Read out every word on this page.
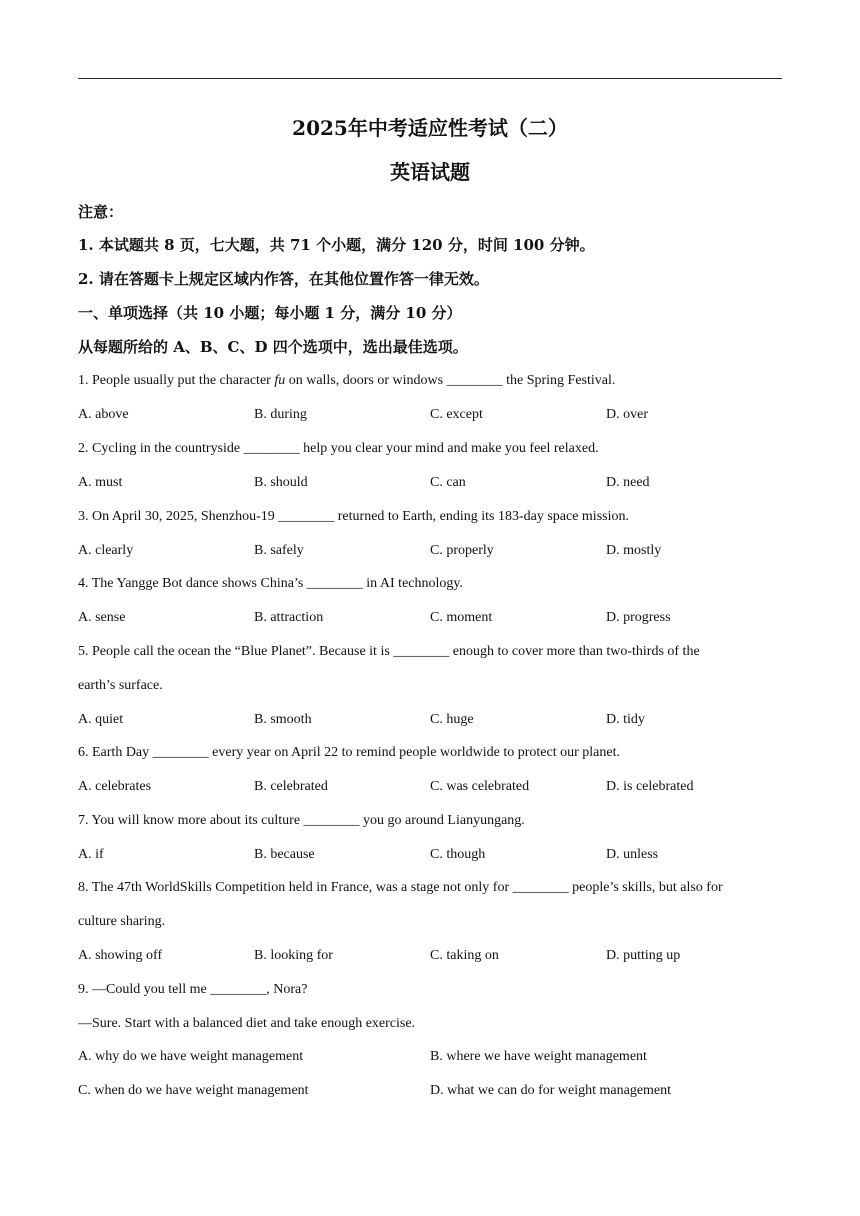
2025年中考适应性考试（二）
英语试题
注意：
1. 本试题共 8 页，七大题，共 71 个小题，满分 120 分，时间 100 分钟。
2. 请在答题卡上规定区域内作答，在其他位置作答一律无效。
一、单项选择（共 10 小题；每小题 1 分，满分 10 分）
从每题所给的 A、B、C、D 四个选项中，选出最佳选项。
1. People usually put the character fu on walls, doors or windows ________ the Spring Festival.
A. above	B. during	C. except	D. over
2. Cycling in the countryside ________ help you clear your mind and make you feel relaxed.
A. must	B. should	C. can	D. need
3. On April 30, 2025, Shenzhou-19 ________ returned to Earth, ending its 183-day space mission.
A. clearly	B. safely	C. properly	D. mostly
4. The Yangge Bot dance shows China’s ________ in AI technology.
A. sense	B. attraction	C. moment	D. progress
5. People call the ocean the “Blue Planet”. Because it is ________ enough to cover more than two-thirds of the
earth’s surface.
A. quiet	B. smooth	C. huge	D. tidy
6. Earth Day ________ every year on April 22 to remind people worldwide to protect our planet.
A. celebrates	B. celebrated	C. was celebrated	D. is celebrated
7. You will know more about its culture ________ you go around Lianyungang.
A. if	B. because	C. though	D. unless
8. The 47th WorldSkills Competition held in France, was a stage not only for ________ people’s skills, but also for
culture sharing.
A. showing off	B. looking for	C. taking on	D. putting up
9. —Could you tell me ________, Nora?
—Sure. Start with a balanced diet and take enough exercise.
A. why do we have weight management	B. where we have weight management
C. when do we have weight management	D. what we can do for weight management
